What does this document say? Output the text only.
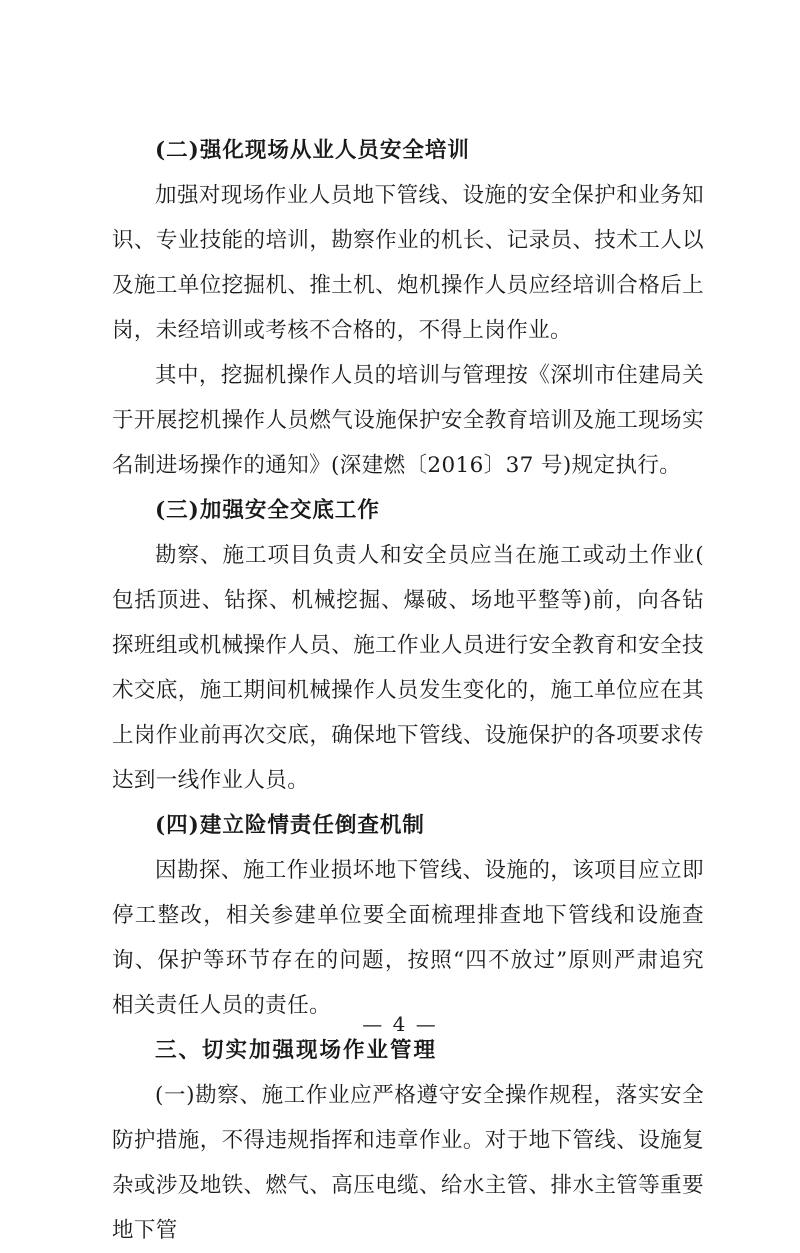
(二)强化现场从业人员安全培训

加强对现场作业人员地下管线、设施的安全保护和业务知识、专业技能的培训，勘察作业的机长、记录员、技术工人以及施工单位挖掘机、推土机、炮机操作人员应经培训合格后上岗，未经培训或考核不合格的，不得上岗作业。

其中，挖掘机操作人员的培训与管理按《深圳市住建局关于开展挖机操作人员燃气设施保护安全教育培训及施工现场实名制进场操作的通知》(深建燃〔2016〕37 号)规定执行。

(三)加强安全交底工作

勘察、施工项目负责人和安全员应当在施工或动土作业( 包括顶进、钻探、机械挖掘、爆破、场地平整等)前，向各钻探班组或机械操作人员、施工作业人员进行安全教育和安全技术交底，施工期间机械操作人员发生变化的，施工单位应在其上岗作业前再次交底，确保地下管线、设施保护的各项要求传达到一线作业人员。

(四)建立险情责任倒查机制

因勘探、施工作业损坏地下管线、设施的，该项目应立即停工整改，相关参建单位要全面梳理排查地下管线和设施查询、保护等环节存在的问题，按照“四不放过”原则严肃追究相关责任人员的责任。

三、切实加强现场作业管理

(一)勘察、施工作业应严格遵守安全操作规程，落实安全防护措施，不得违规指挥和违章作业。对于地下管线、设施复杂或涉及地铁、燃气、高压电缆、给水主管、排水主管等重要地下管

— 4 —
